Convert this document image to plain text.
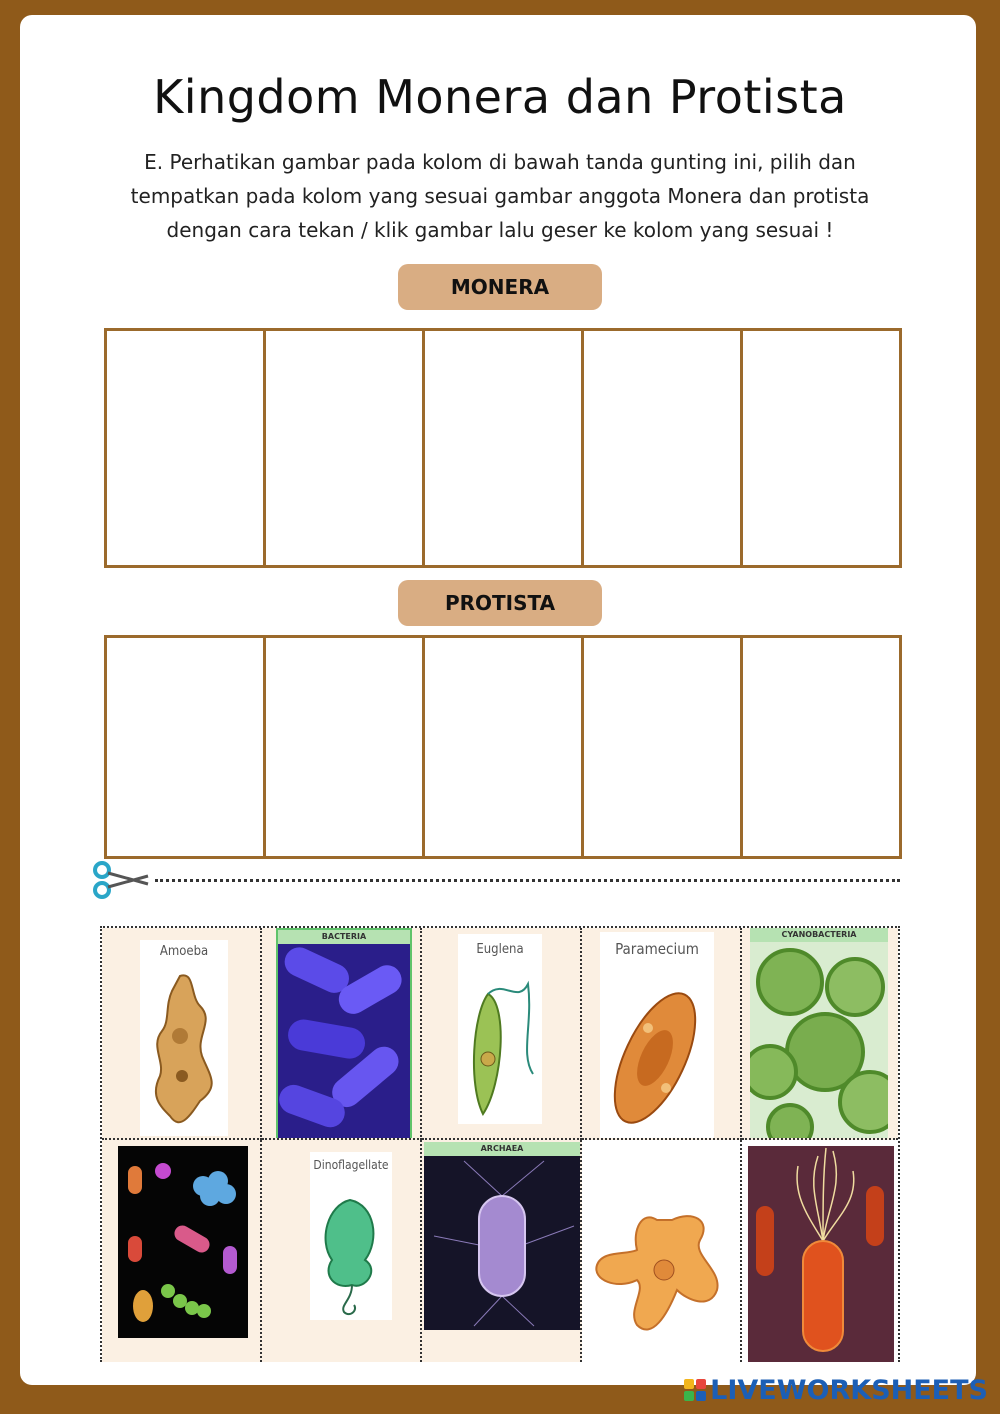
Kingdom Monera dan Protista

E. Perhatikan gambar pada kolom di bawah tanda gunting ini, pilih dan tempatkan pada kolom yang sesuai gambar anggota Monera dan protista dengan cara tekan / klik gambar lalu geser ke kolom yang sesuai !

MONERA
PROTISTA
Amoeba
BACTERIA
Euglena	Paramecium
CYANOBACTERIA
Dinoflagellate
ARCHAEA
LIVEWORKSHEETS
